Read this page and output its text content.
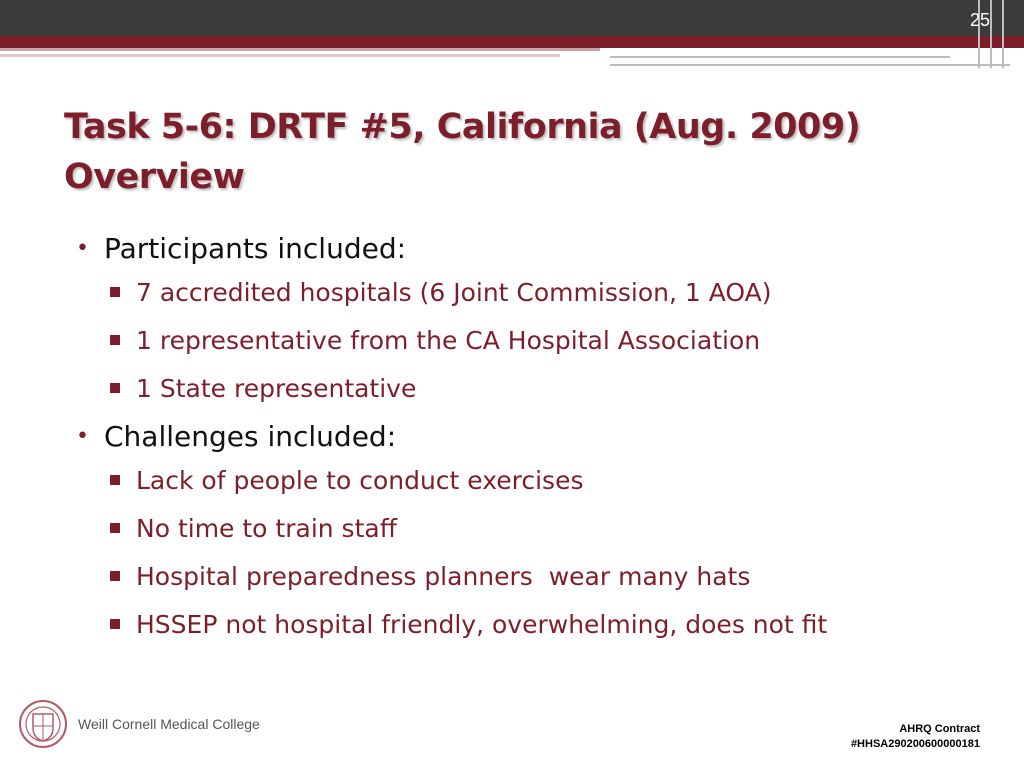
25
Task 5-6: DRTF #5, California (Aug. 2009)
Overview
• Participants included:
7 accredited hospitals (6 Joint Commission, 1 AOA)
1 representative from the CA Hospital Association
1 State representative
• Challenges included:
Lack of people to conduct exercises
No time to train staff
Hospital preparedness planners  wear many hats
HSSEP not hospital friendly, overwhelming, does not fit
Weill Cornell Medical College	AHRQ Contract
#HHSA290200600000181
